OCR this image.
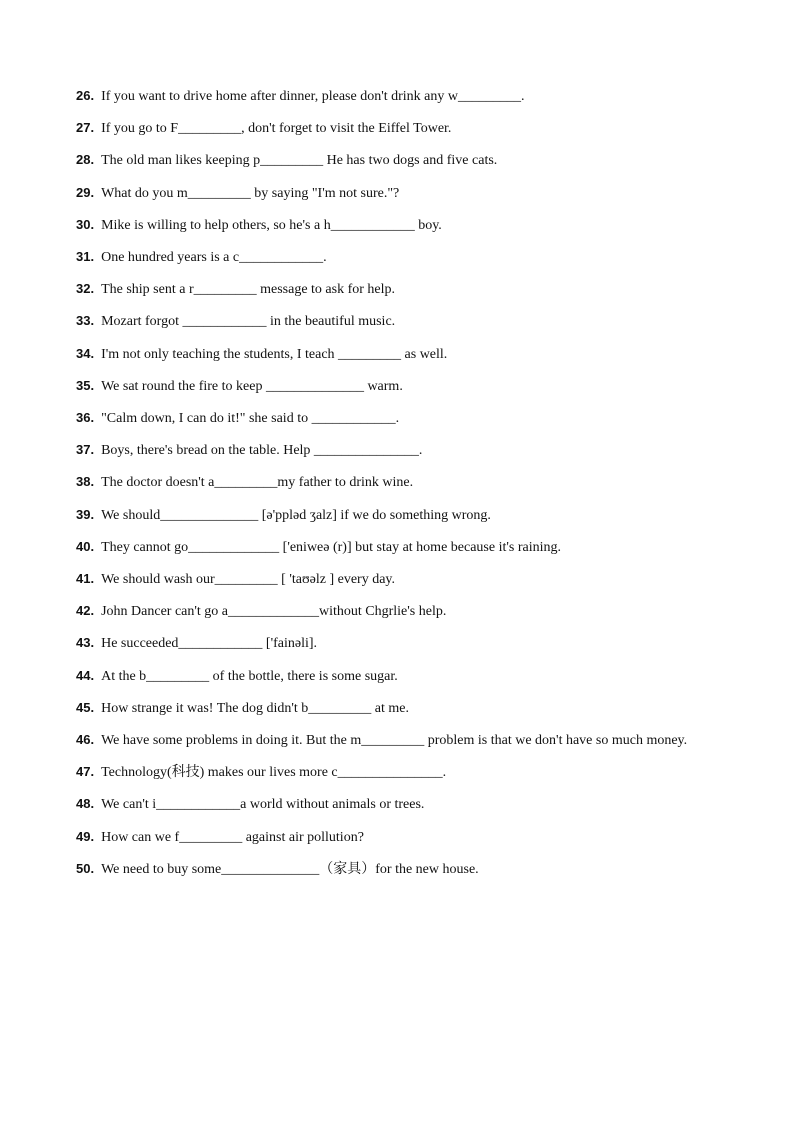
26. If you want to drive home after dinner, please don't drink any w_________.
27. If you go to F_________, don't forget to visit the Eiffel Tower.
28. The old man likes keeping p_________ He has two dogs and five cats.
29. What do you m_________ by saying "I'm not sure."?
30. Mike is willing to help others, so he's a h____________ boy.
31. One hundred years is a c____________.
32. The ship sent a r_________ message to ask for help.
33. Mozart forgot ____________ in the beautiful music.
34. I'm not only teaching the students, I teach _________ as well.
35. We sat round the fire to keep ______________ warm.
36. "Calm down, I can do it!" she said to ____________.
37. Boys, there's bread on the table. Help _______________.
38. The doctor doesn't a_________my father to drink wine.
39. We should______________ [ə'ppləd ʒalz] if we do something wrong.
40. They cannot go_____________ ['eniweə (r)] but stay at home because it's raining.
41. We should wash our_________ [ 'taʊəlz ] every day.
42. John Dancer can't go a_____________without Chgrlie's help.
43. He succeeded____________ ['fainəli].
44. At the b_________ of the bottle, there is some sugar.
45. How strange it was! The dog didn't b_________ at me.
46. We have some problems in doing it. But the m_________ problem is that we don't have so much money.
47. Technology(科技) makes our lives more c_______________.
48. We can't i____________a world without animals or trees.
49. How can we f_________ against air pollution?
50. We need to buy some______________（家具）for the new house.
